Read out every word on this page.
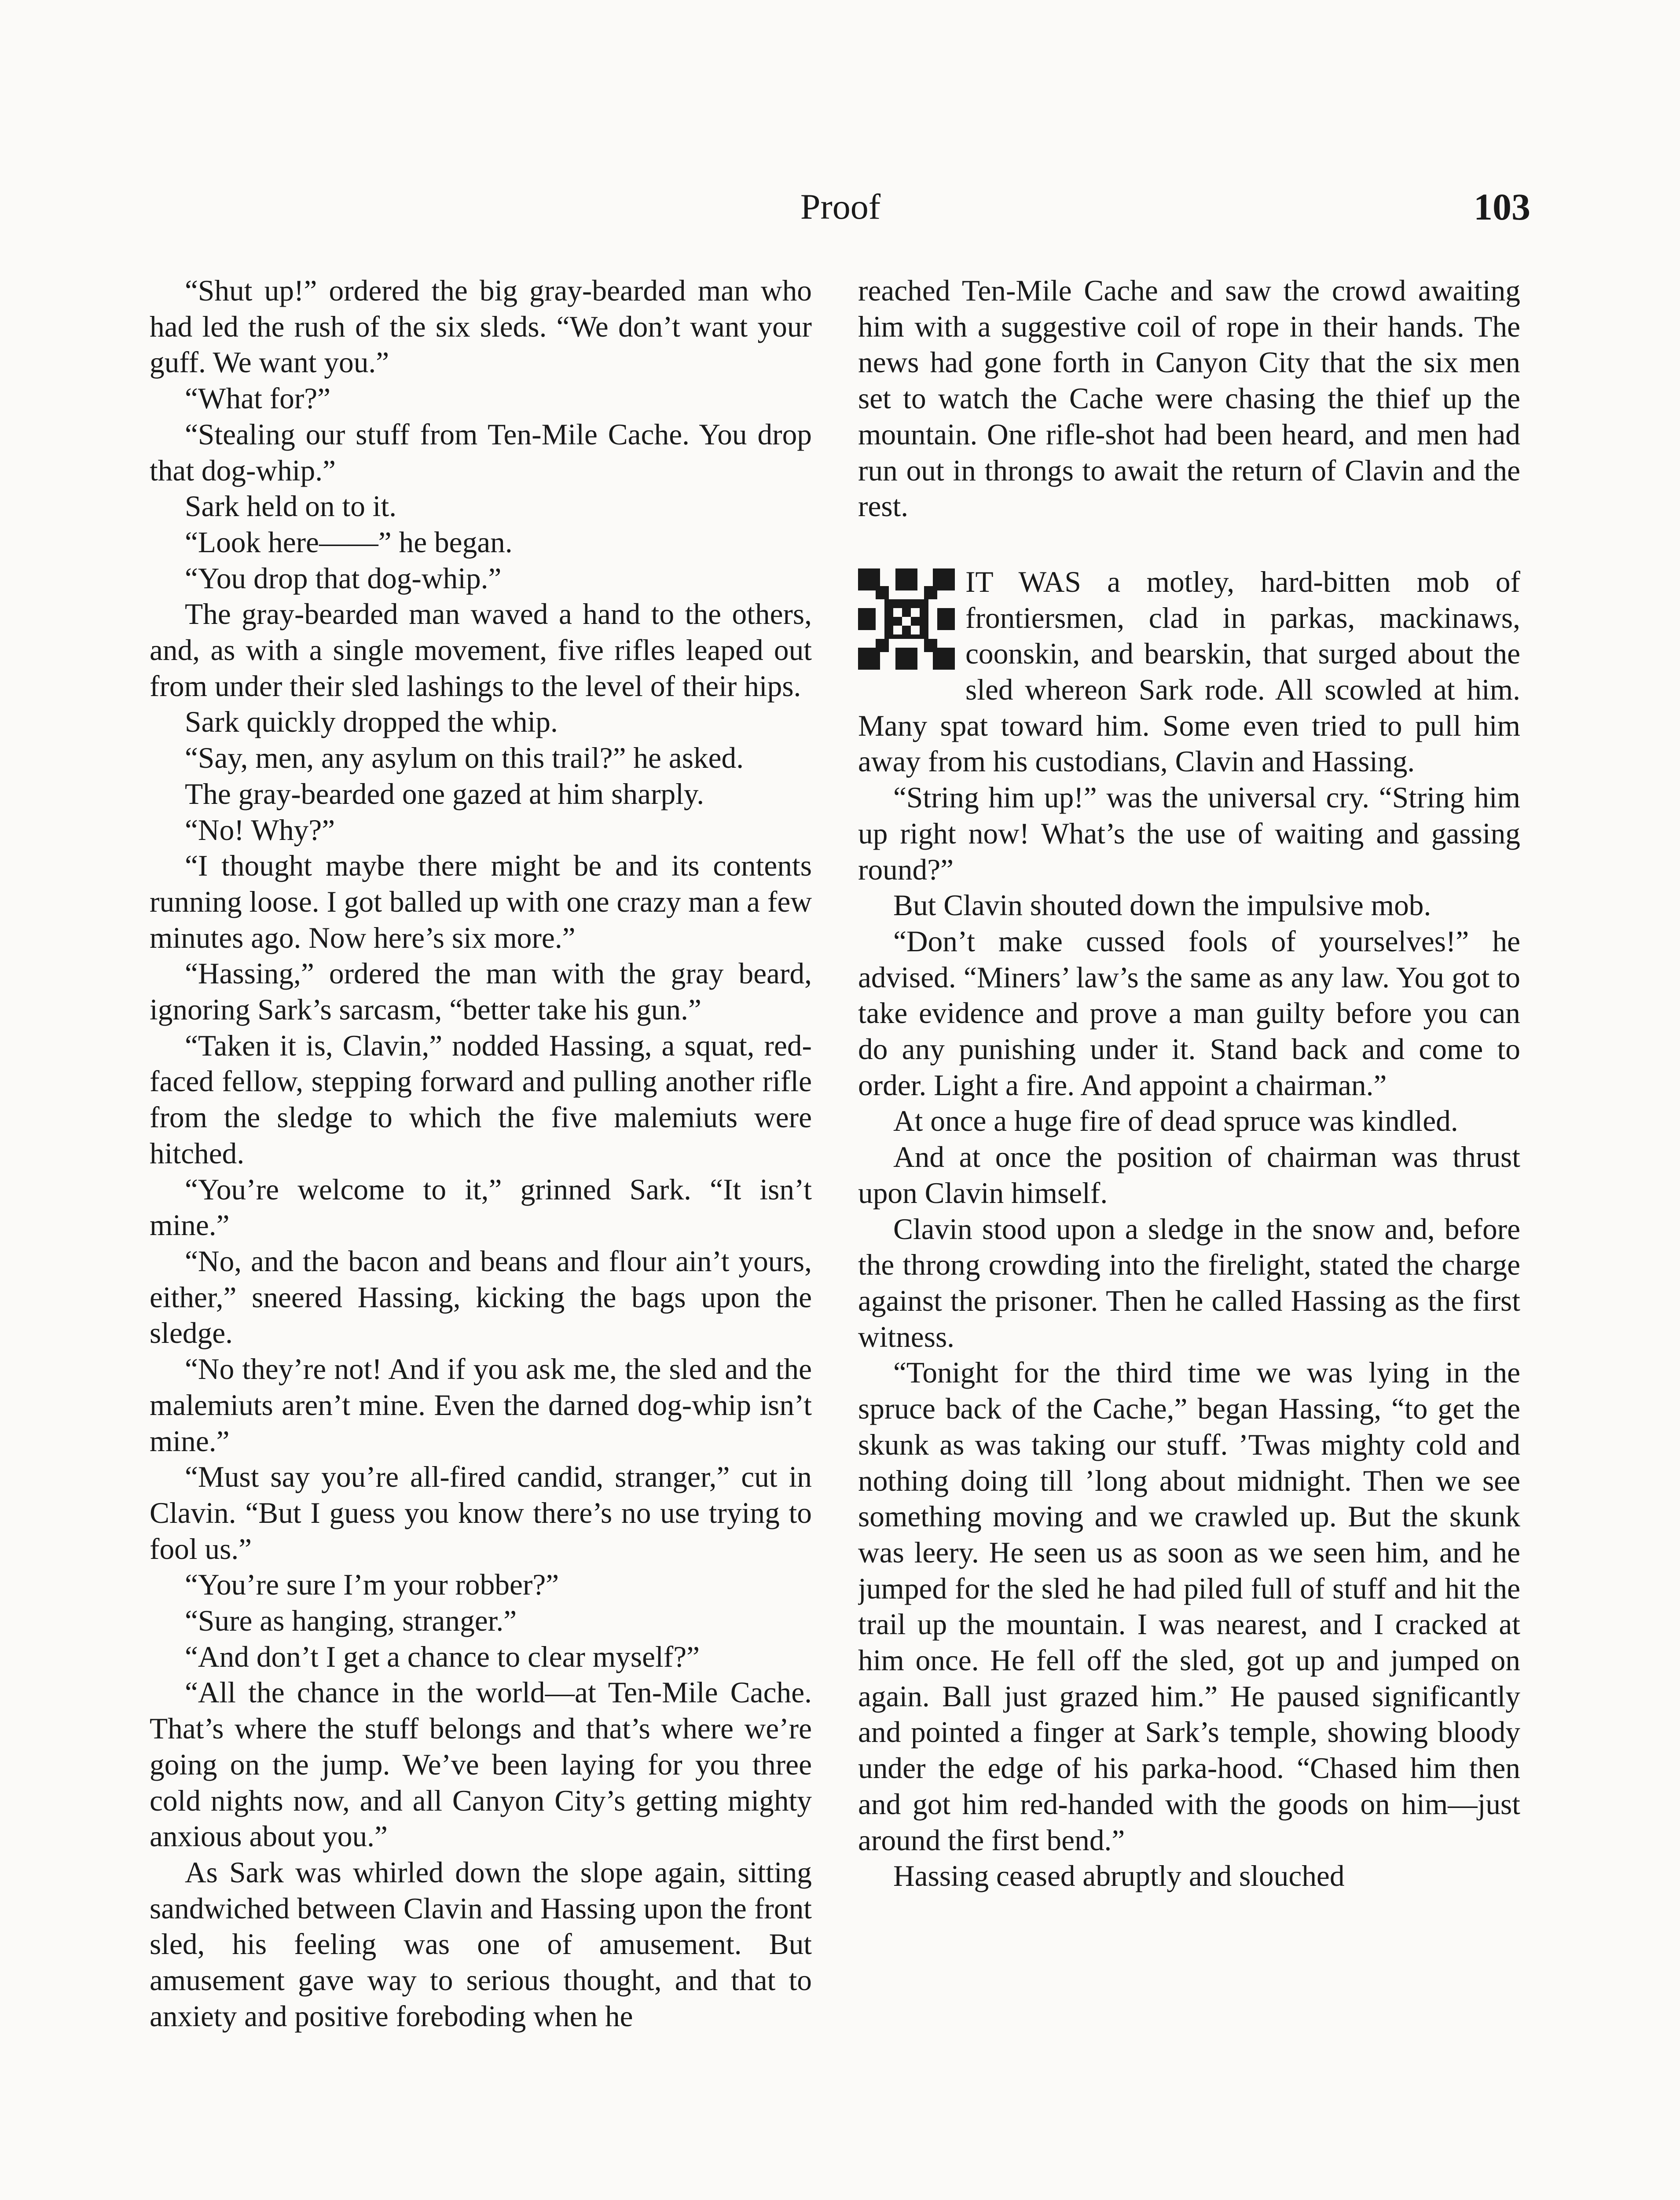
Proof	103

“Shut up!” ordered the big gray-bearded man who had led the rush of the six sleds. “We don’t want your guff. We want you.”

“What for?”

“Stealing our stuff from Ten-Mile Cache. You drop that dog-whip.”

Sark held on to it.

“Look here——” he began.

“You drop that dog-whip.”

The gray-bearded man waved a hand to the others, and, as with a single movement, five rifles leaped out from under their sled lashings to the level of their hips.

Sark quickly dropped the whip.

“Say, men, any asylum on this trail?” he asked.

The gray-bearded one gazed at him sharply.

“No! Why?”

“I thought maybe there might be and its contents running loose. I got balled up with one crazy man a few minutes ago. Now here’s six more.”

“Hassing,” ordered the man with the gray beard, ignoring Sark’s sarcasm, “better take his gun.”

“Taken it is, Clavin,” nodded Hassing, a squat, red-faced fellow, stepping forward and pulling another rifle from the sledge to which the five malemiuts were hitched.

“You’re welcome to it,” grinned Sark. “It isn’t mine.”

“No, and the bacon and beans and flour ain’t yours, either,” sneered Hassing, kicking the bags upon the sledge.

“No they’re not! And if you ask me, the sled and the malemiuts aren’t mine. Even the darned dog-whip isn’t mine.”

“Must say you’re all-fired candid, stranger,” cut in Clavin. “But I guess you know there’s no use trying to fool us.”

“You’re sure I’m your robber?”

“Sure as hanging, stranger.”

“And don’t I get a chance to clear myself?”

“All the chance in the world—at Ten-Mile Cache. That’s where the stuff belongs and that’s where we’re going on the jump. We’ve been laying for you three cold nights now, and all Canyon City’s getting mighty anxious about you.”

As Sark was whirled down the slope again, sitting sandwiched between Clavin and Hassing upon the front sled, his feeling was one of amusement. But amusement gave way to serious thought, and that to anxiety and positive foreboding when he

reached Ten-Mile Cache and saw the crowd awaiting him with a suggestive coil of rope in their hands. The news had gone forth in Canyon City that the six men set to watch the Cache were chasing the thief up the mountain. One rifle-shot had been heard, and men had run out in throngs to await the return of Clavin and the rest.

IT WAS a motley, hard-bitten mob of frontiersmen, clad in parkas, mackinaws, coonskin, and bearskin, that surged about the sled whereon Sark rode. All scowled at him. Many spat toward him. Some even tried to pull him away from his custodians, Clavin and Hassing.

“String him up!” was the universal cry. “String him up right now! What’s the use of waiting and gassing round?”

But Clavin shouted down the impulsive mob.

“Don’t make cussed fools of yourselves!” he advised. “Miners’ law’s the same as any law. You got to take evidence and prove a man guilty before you can do any punishing under it. Stand back and come to order. Light a fire. And appoint a chairman.”

At once a huge fire of dead spruce was kindled.

And at once the position of chairman was thrust upon Clavin himself.

Clavin stood upon a sledge in the snow and, before the throng crowding into the firelight, stated the charge against the prisoner. Then he called Hassing as the first witness.

“Tonight for the third time we was lying in the spruce back of the Cache,” began Hassing, “to get the skunk as was taking our stuff. ’Twas mighty cold and nothing doing till ’long about midnight. Then we see something moving and we crawled up. But the skunk was leery. He seen us as soon as we seen him, and he jumped for the sled he had piled full of stuff and hit the trail up the mountain. I was nearest, and I cracked at him once. He fell off the sled, got up and jumped on again. Ball just grazed him.” He paused significantly and pointed a finger at Sark’s temple, showing bloody under the edge of his parka-hood. “Chased him then and got him red-handed with the goods on him—just around the first bend.”

Hassing ceased abruptly and slouched
